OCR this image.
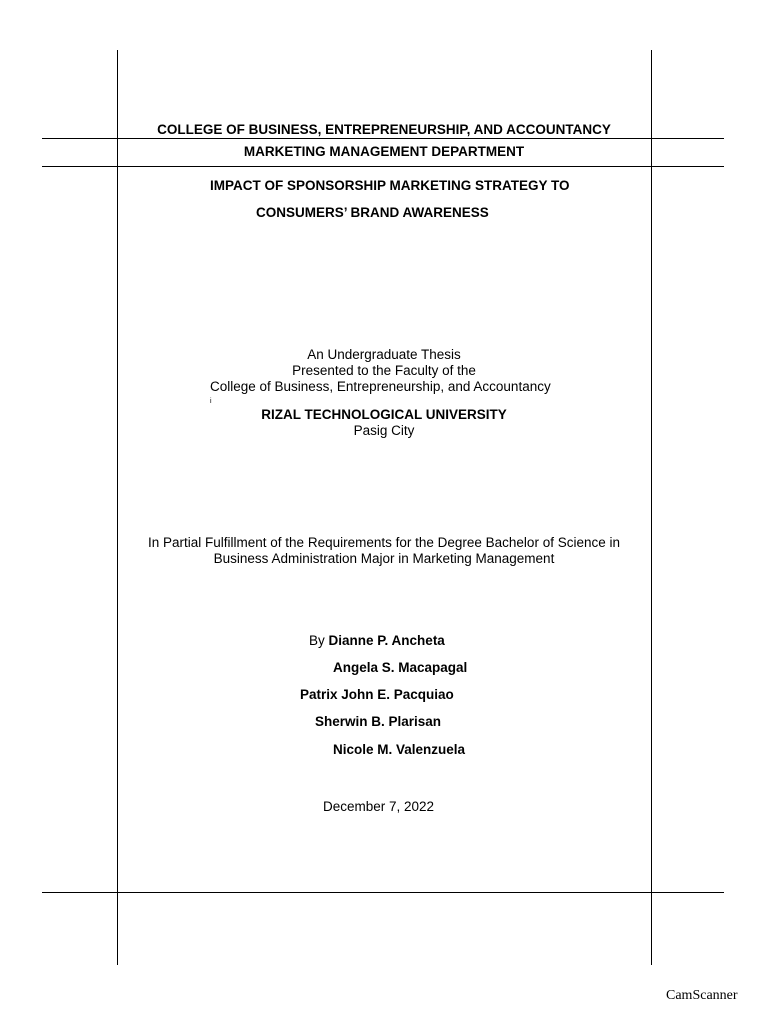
COLLEGE OF BUSINESS, ENTREPRENEURSHIP, AND ACCOUNTANCY
MARKETING MANAGEMENT DEPARTMENT
IMPACT OF SPONSORSHIP MARKETING STRATEGY TO
CONSUMERS’ BRAND AWARENESS
An Undergraduate Thesis
Presented to the Faculty of the
College of Business, Entrepreneurship, and Accountancy
i
RIZAL TECHNOLOGICAL UNIVERSITY
Pasig City
In Partial Fulfillment of the Requirements for the Degree Bachelor of Science in
Business Administration Major in Marketing Management
By Dianne P. Ancheta
Angela S. Macapagal
Patrix John E. Pacquiao
Sherwin B. Plarisan
Nicole M. Valenzuela
December 7, 2022
CamScanner
